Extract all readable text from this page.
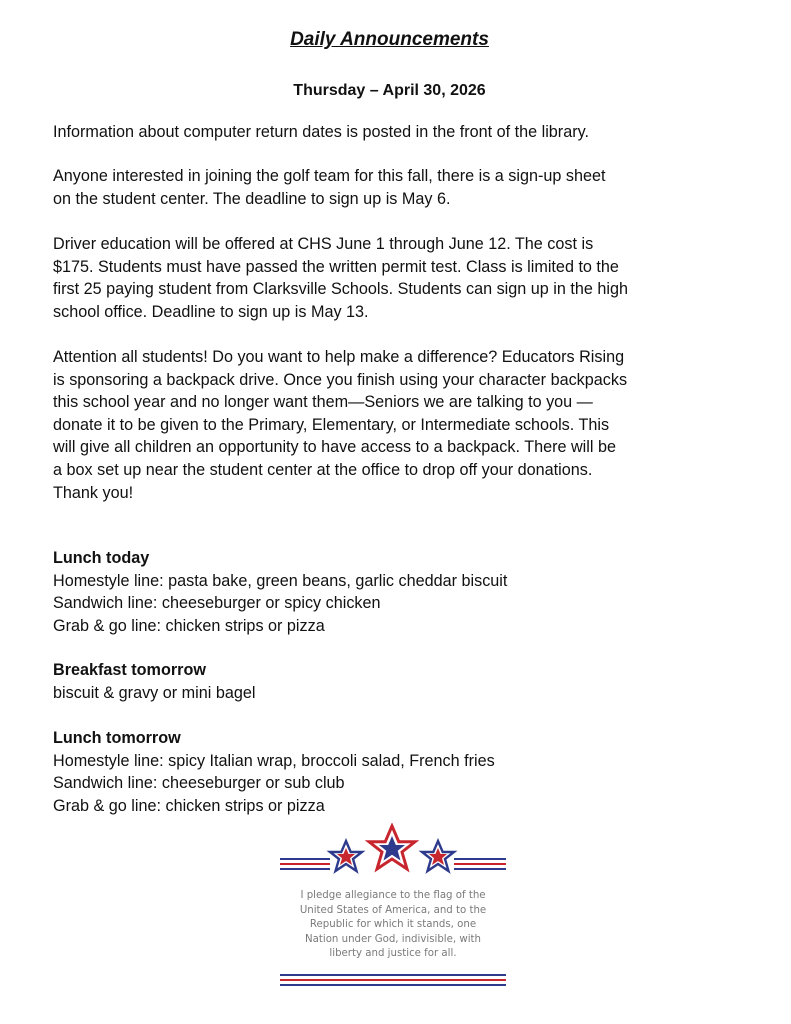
Daily Announcements
Thursday – April 30, 2026

Information about computer return dates is posted in the front of the library.

Anyone interested in joining the golf team for this fall, there is a sign-up sheet
on the student center. The deadline to sign up is May 6.

Driver education will be offered at CHS June 1 through June 12. The cost is
$175. Students must have passed the written permit test. Class is limited to the
first 25 paying student from Clarksville Schools. Students can sign up in the high
school office. Deadline to sign up is May 13.

Attention all students! Do you want to help make a difference? Educators Rising
is sponsoring a backpack drive. Once you finish using your character backpacks
this school year and no longer want them—Seniors we are talking to you —
donate it to be given to the Primary, Elementary, or Intermediate schools. This
will give all children an opportunity to have access to a backpack. There will be
a box set up near the student center at the office to drop off your donations.
Thank you!

Lunch today
Homestyle line: pasta bake, green beans, garlic cheddar biscuit
Sandwich line: cheeseburger or spicy chicken
Grab & go line: chicken strips or pizza
Breakfast tomorrow
biscuit & gravy or mini bagel
Lunch tomorrow
Homestyle line: spicy Italian wrap, broccoli salad, French fries
Sandwich line: cheeseburger or sub club
Grab & go line: chicken strips or pizza
I pledge allegiance to the flag of the
United States of America, and to the
Republic for which it stands, one
Nation under God, indivisible, with
liberty and justice for all.
